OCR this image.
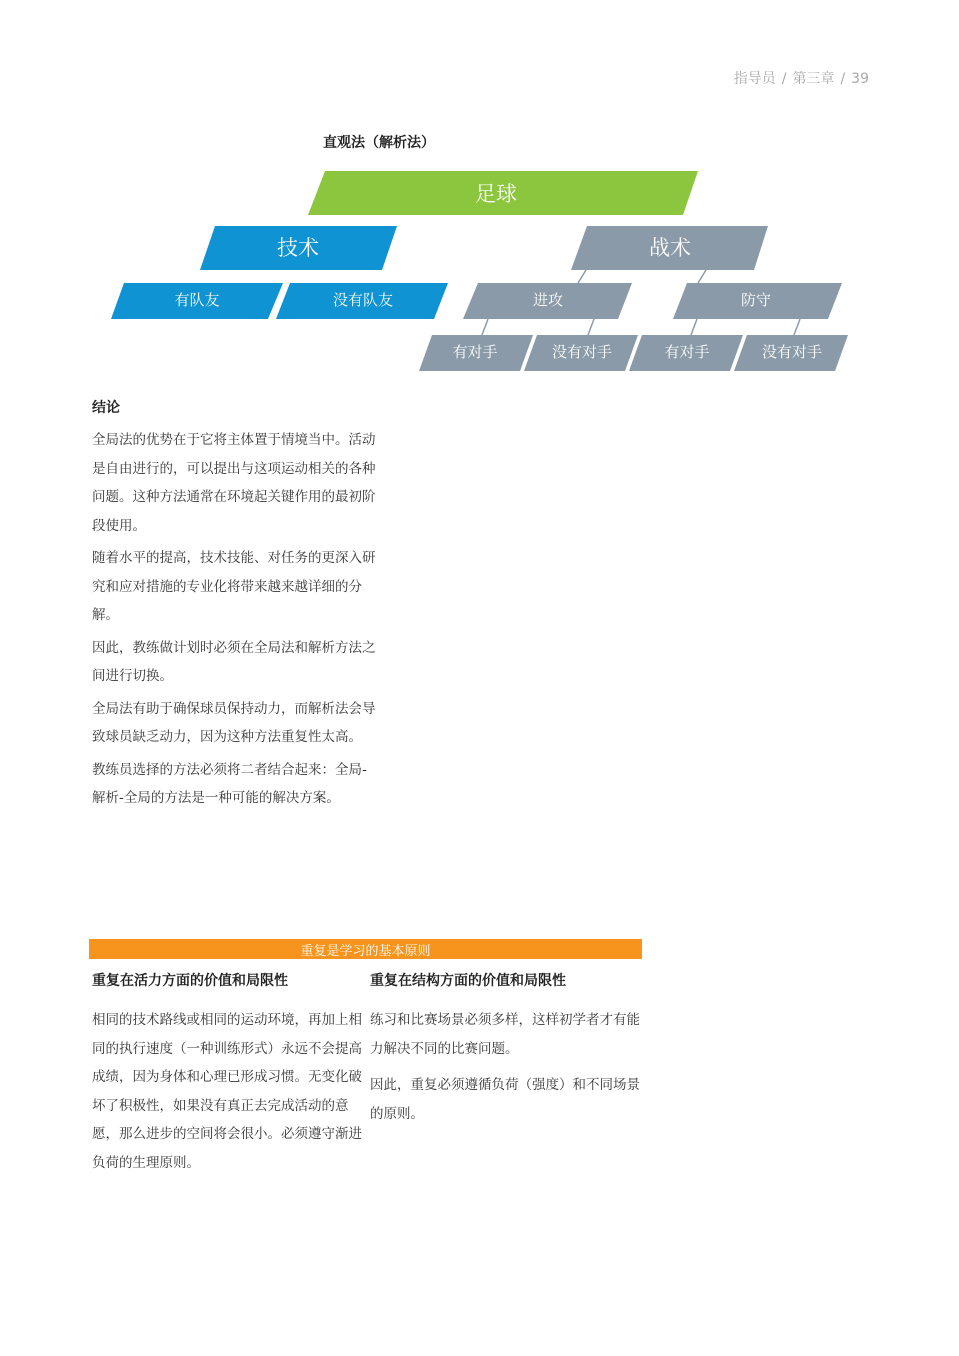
指导员 / 第三章 / 39
直观法（解析法）
足球
技术	战术
有队友	没有队友	进攻	防守
有对手	没有对手	有对手	没有对手
结论

全局法的优势在于它将主体置于情境当中。活动是自由进行的，可以提出与这项运动相关的各种问题。这种方法通常在环境起关键作用的最初阶段使用。

随着水平的提高，技术技能、对任务的更深入研究和应对措施的专业化将带来越来越详细的分解。

因此，教练做计划时必须在全局法和解析方法之间进行切换。

全局法有助于确保球员保持动力，而解析法会导致球员缺乏动力，因为这种方法重复性太高。

教练员选择的方法必须将二者结合起来：全局-解析-全局的方法是一种可能的解决方案。

重复是学习的基本原则
重复在活力方面的价值和局限性

相同的技术路线或相同的运动环境，再加上相同的执行速度（一种训练形式）永远不会提高成绩，因为身体和心理已形成习惯。无变化破坏了积极性，如果没有真正去完成活动的意愿，那么进步的空间将会很小。必须遵守渐进负荷的生理原则。

重复在结构方面的价值和局限性

练习和比赛场景必须多样，这样初学者才有能力解决不同的比赛问题。

因此，重复必须遵循负荷（强度）和不同场景的原则。
